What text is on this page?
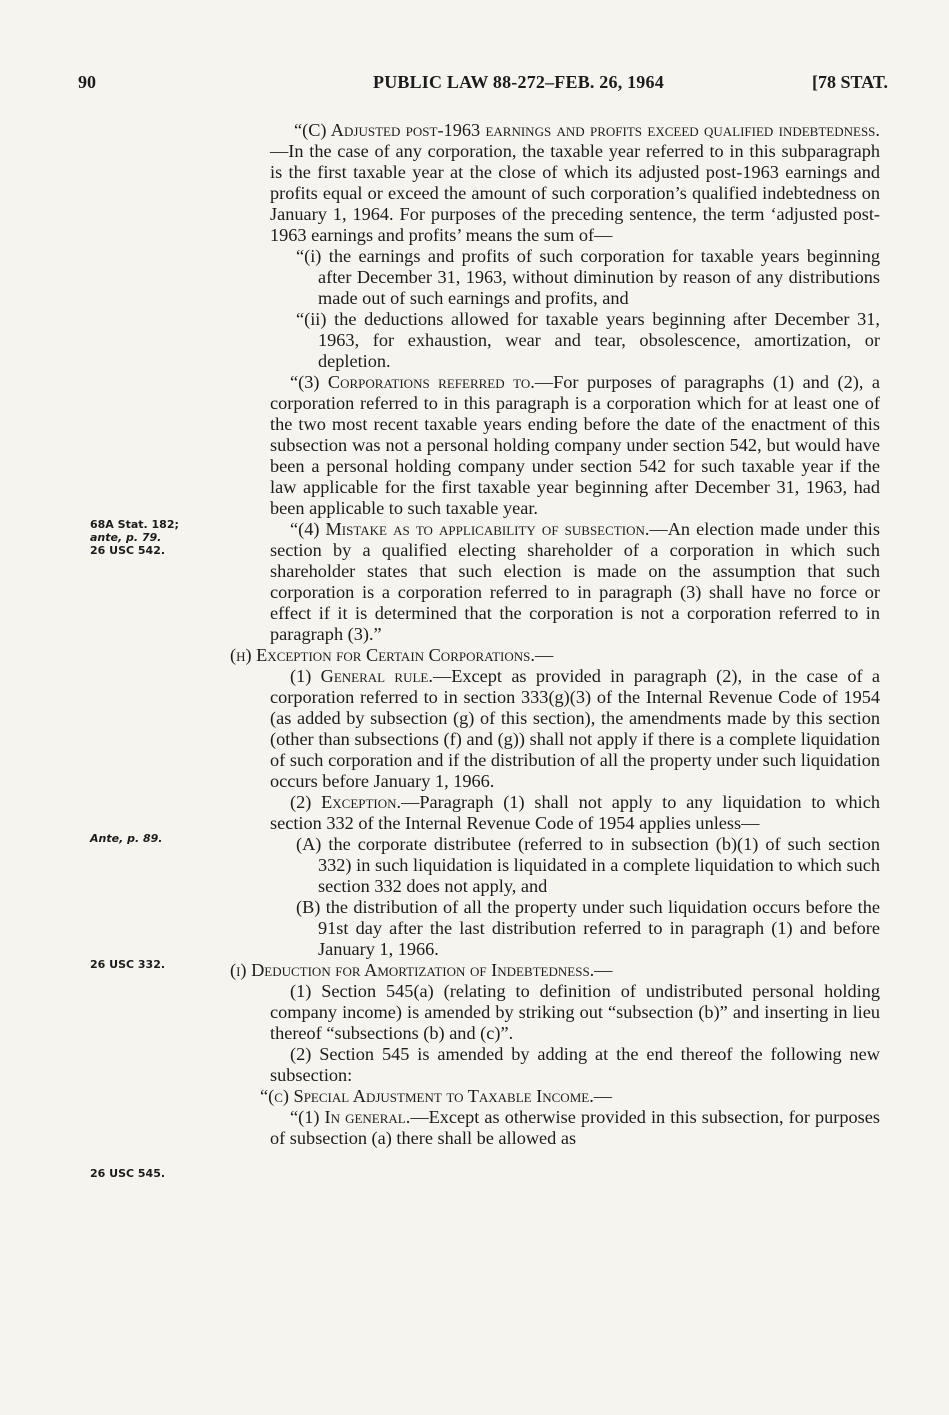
90	PUBLIC LAW 88-272–FEB. 26, 1964	[78 STAT.
68A Stat. 182;
ante, p. 79.
26 USC 542.
Ante, p. 89.
26 USC 332.
26 USC 545.

“(C) Adjusted post-1963 earnings and profits exceed qualified indebtedness.—In the case of any corporation, the taxable year referred to in this subparagraph is the first taxable year at the close of which its adjusted post-1963 earnings and profits equal or exceed the amount of such corporation’s qualified indebtedness on January 1, 1964. For purposes of the preceding sentence, the term ‘adjusted post-1963 earnings and profits’ means the sum of—

“(i) the earnings and profits of such corporation for taxable years beginning after December 31, 1963, without diminution by reason of any distributions made out of such earnings and profits, and

“(ii) the deductions allowed for taxable years beginning after December 31, 1963, for exhaustion, wear and tear, obsolescence, amortization, or depletion.

“(3) Corporations referred to.—For purposes of paragraphs (1) and (2), a corporation referred to in this paragraph is a corporation which for at least one of the two most recent taxable years ending before the date of the enactment of this subsection was not a personal holding company under section 542, but would have been a personal holding company under section 542 for such taxable year if the law applicable for the first taxable year beginning after December 31, 1963, had been applicable to such taxable year.

“(4) Mistake as to applicability of subsection.—An election made under this section by a qualified electing shareholder of a corporation in which such shareholder states that such election is made on the assumption that such corporation is a corporation referred to in paragraph (3) shall have no force or effect if it is determined that the corporation is not a corporation referred to in paragraph (3).”

(h) Exception for Certain Corporations.—

(1) General rule.—Except as provided in paragraph (2), in the case of a corporation referred to in section 333(g)(3) of the Internal Revenue Code of 1954 (as added by subsection (g) of this section), the amendments made by this section (other than subsections (f) and (g)) shall not apply if there is a complete liquidation of such corporation and if the distribution of all the property under such liquidation occurs before January 1, 1966.

(2) Exception.—Paragraph (1) shall not apply to any liquidation to which section 332 of the Internal Revenue Code of 1954 applies unless—

(A) the corporate distributee (referred to in subsection (b)(1) of such section 332) in such liquidation is liquidated in a complete liquidation to which such section 332 does not apply, and

(B) the distribution of all the property under such liquidation occurs before the 91st day after the last distribution referred to in paragraph (1) and before January 1, 1966.

(i) Deduction for Amortization of Indebtedness.—

(1) Section 545(a) (relating to definition of undistributed personal holding company income) is amended by striking out “subsection (b)” and inserting in lieu thereof “subsections (b) and (c)”.

(2) Section 545 is amended by adding at the end thereof the following new subsection:

“(c) Special Adjustment to Taxable Income.—

“(1) In general.—Except as otherwise provided in this subsection, for purposes of subsection (a) there shall be allowed as
